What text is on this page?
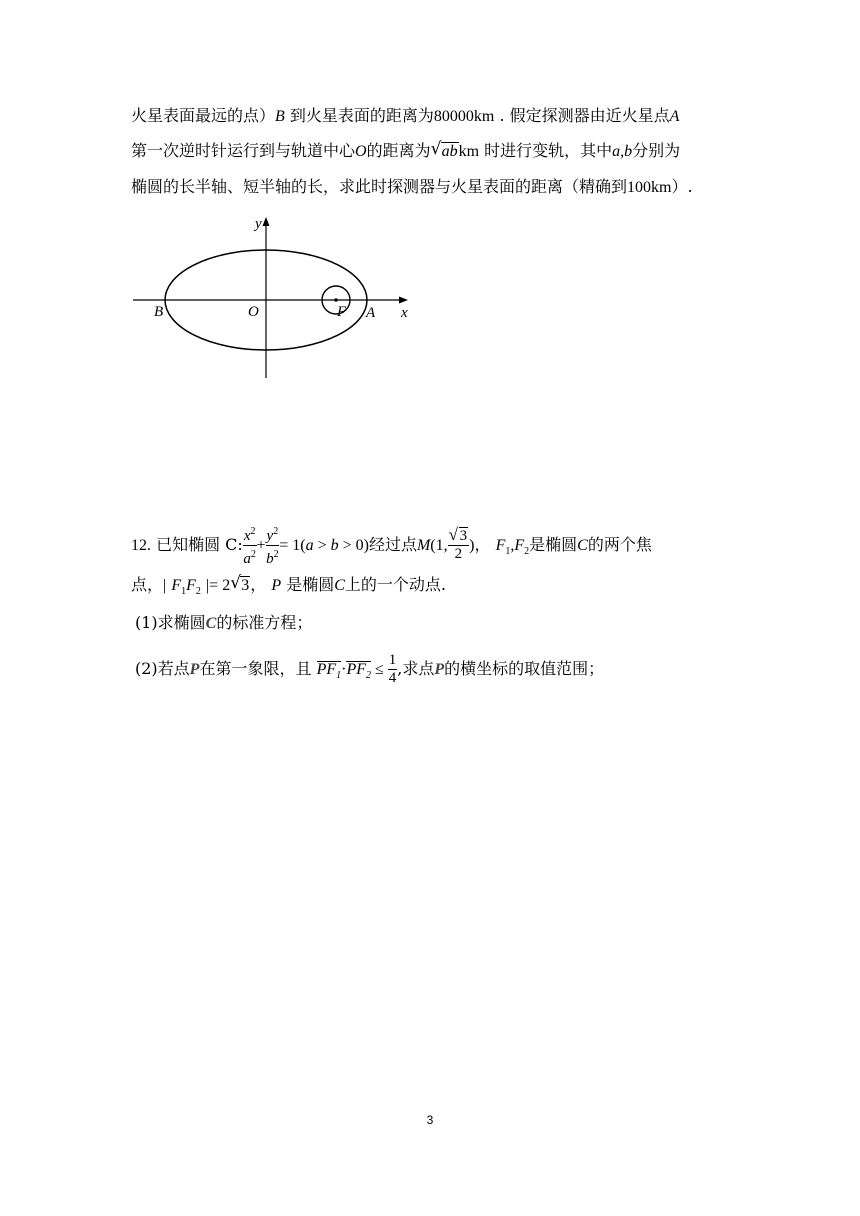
火星表面最远的点）B 到火星表面的距离为80000km . 假定探测器由近火星点A
第一次逆时针运行到与轨道中心O的距离为 √ abkm 时进行变轨，其中a,b分别为
椭圆的长半轴、短半轴的长，求此时探测器与火星表面的距离（精确到100km）.
y
x
O
B	F A
12. 已知椭圆 C: $\frac{x^2}{a^2} + \frac{y^2}{b^2} = 1(a > b > 0)$经过点M(1, √ $\frac{3}{2}$ )， $F_1,F_2$是椭圆C的两个焦
点，| $F_1F_2$ |= 2 √ 3， P 是椭圆C上的一个动点.
(1)求椭圆C的标准方程；
(2)若点P在第一象限，且 $PF_1\cdot PF_2 \le \frac{1}{4}$ ,求点P的横坐标的取值范围；
3
